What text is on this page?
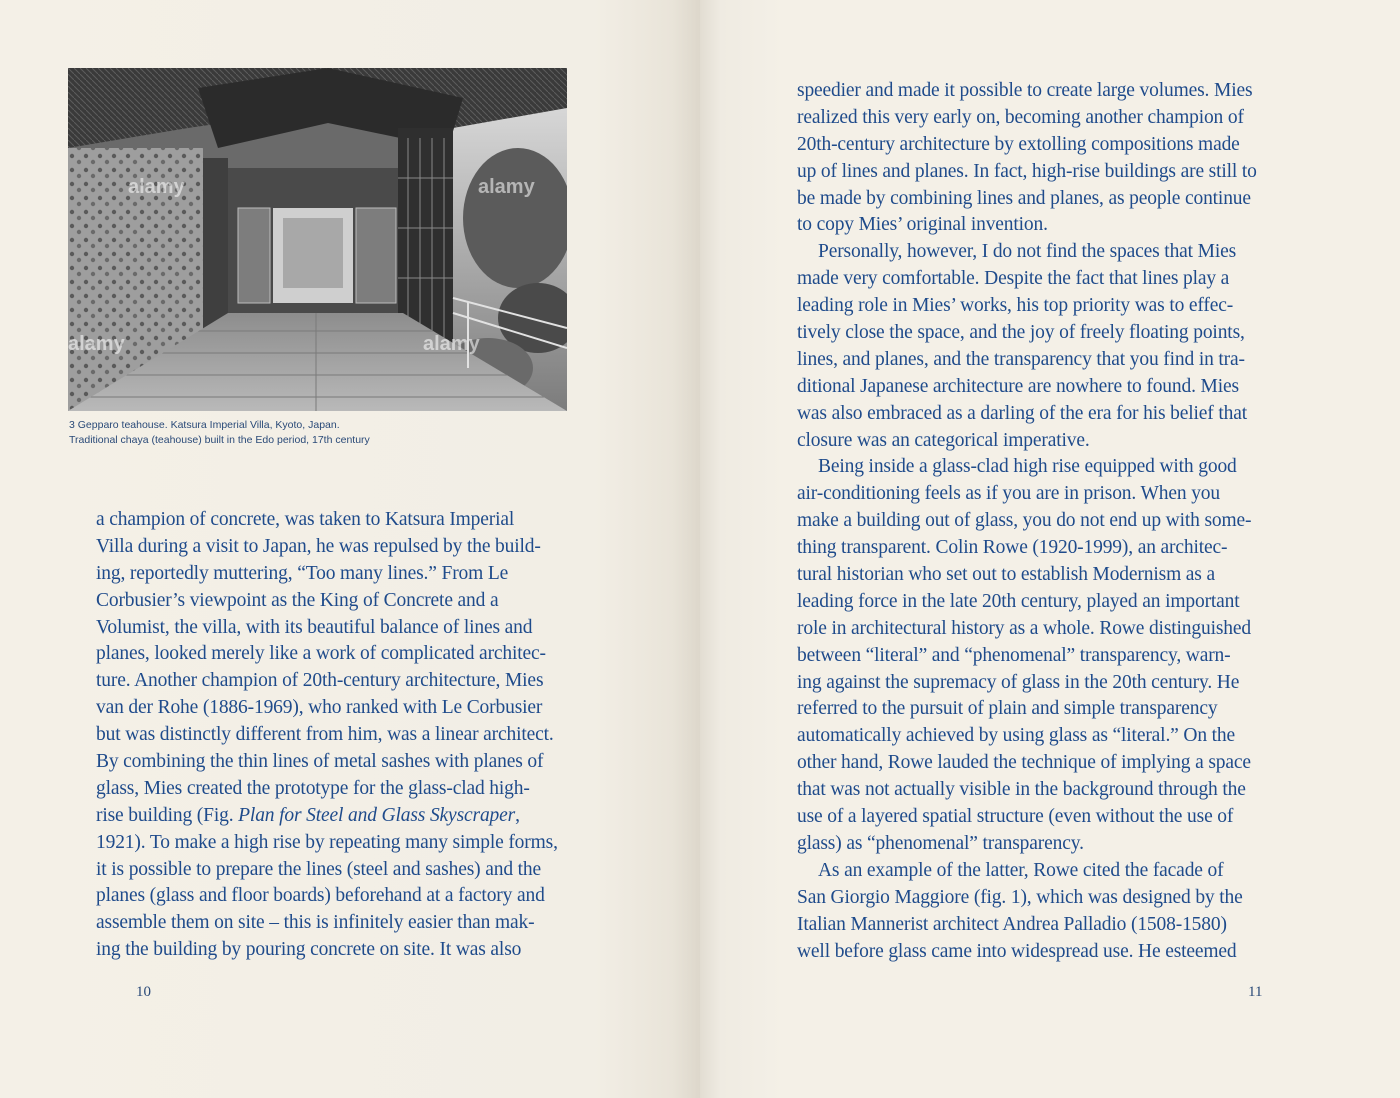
alamy
alamy	alamy
alamy
3 Gepparo teahouse. Katsura Imperial Villa, Kyoto, Japan.
Traditional chaya (teahouse) built in the Edo period, 17th century
a champion of concrete, was taken to Katsura Imperial
Villa during a visit to Japan, he was repulsed by the build-
ing, reportedly muttering, “Too many lines.” From Le
Corbusier’s viewpoint as the King of Concrete and a
Volumist, the villa, with its beautiful balance of lines and
planes, looked merely like a work of complicated architec-
ture. Another champion of 20th-century architecture, Mies
van der Rohe (1886-1969), who ranked with Le Corbusier
but was distinctly different from him, was a linear architect.
By combining the thin lines of metal sashes with planes of
glass, Mies created the prototype for the glass-clad high-
rise building (Fig. Plan for Steel and Glass Skyscraper,
1921). To make a high rise by repeating many simple forms,
it is possible to prepare the lines (steel and sashes) and the
planes (glass and floor boards) beforehand at a factory and
assemble them on site – this is infinitely easier than mak-
ing the building by pouring concrete on site. It was also
10
speedier and made it possible to create large volumes. Mies
realized this very early on, becoming another champion of
20th-century architecture by extolling compositions made
up of lines and planes. In fact, high-rise buildings are still to
be made by combining lines and planes, as people continue
to copy Mies’ original invention.
Personally, however, I do not find the spaces that Mies
made very comfortable. Despite the fact that lines play a
leading role in Mies’ works, his top priority was to effec-
tively close the space, and the joy of freely floating points,
lines, and planes, and the transparency that you find in tra-
ditional Japanese architecture are nowhere to found. Mies
was also embraced as a darling of the era for his belief that
closure was an categorical imperative.
Being inside a glass-clad high rise equipped with good
air-conditioning feels as if you are in prison. When you
make a building out of glass, you do not end up with some-
thing transparent. Colin Rowe (1920-1999), an architec-
tural historian who set out to establish Modernism as a
leading force in the late 20th century, played an important
role in architectural history as a whole. Rowe distinguished
between “literal” and “phenomenal” transparency, warn-
ing against the supremacy of glass in the 20th century. He
referred to the pursuit of plain and simple transparency
automatically achieved by using glass as “literal.” On the
other hand, Rowe lauded the technique of implying a space
that was not actually visible in the background through the
use of a layered spatial structure (even without the use of
glass) as “phenomenal” transparency.
As an example of the latter, Rowe cited the facade of
San Giorgio Maggiore (fig. 1), which was designed by the
Italian Mannerist architect Andrea Palladio (1508-1580)
well before glass came into widespread use. He esteemed
11
